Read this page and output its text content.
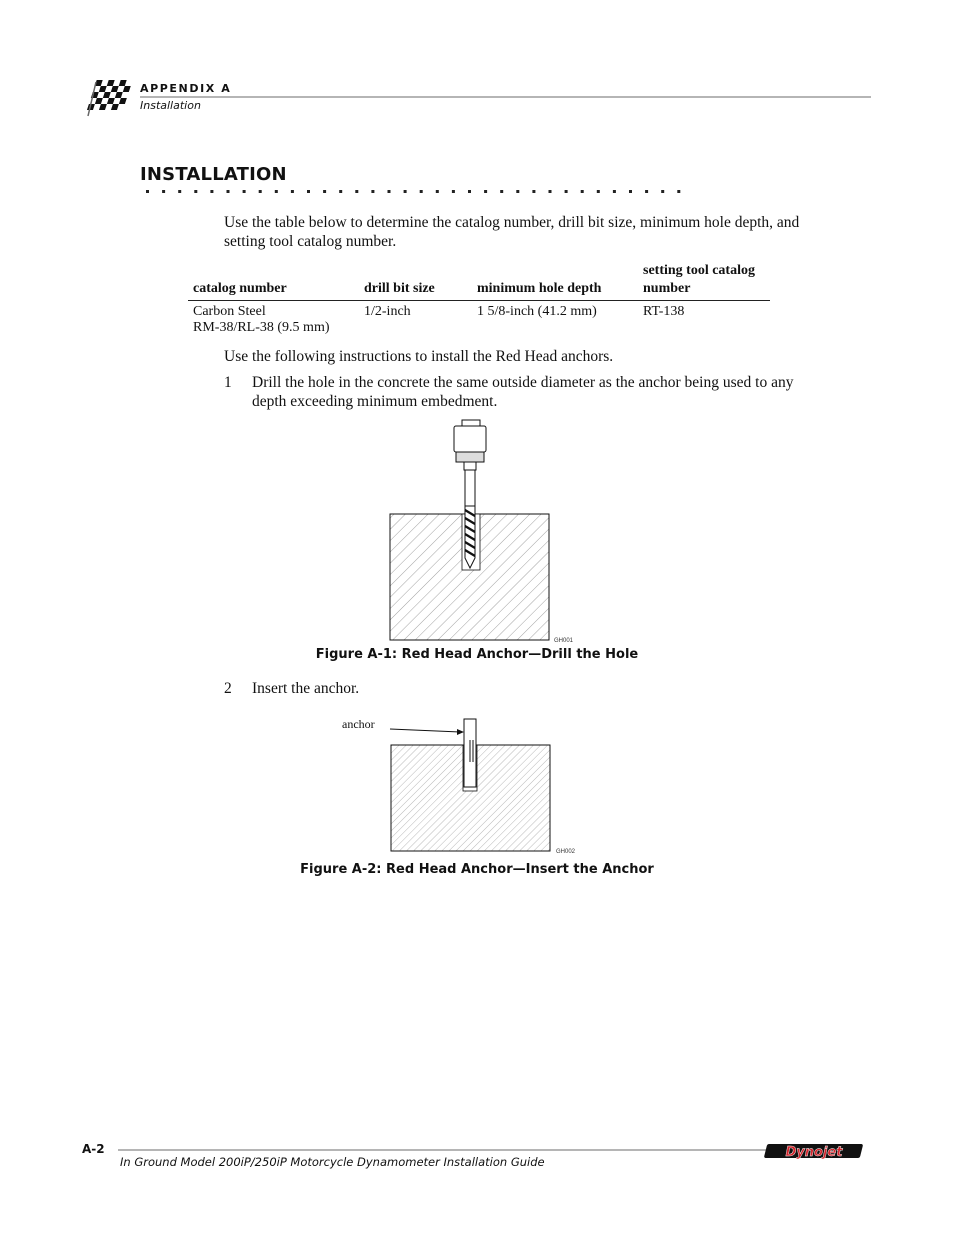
APPENDIX A
Installation
INSTALLATION
Use the table below to determine the catalog number, drill bit size, minimum hole depth, and setting tool catalog number.
catalog number	drill bit size	minimum hole depth	setting tool catalog number

Carbon Steel
RM-38/RL-38 (9.5 mm)	1/2-inch	1 5/8-inch (41.2 mm)	RT-138
Use the following instructions to install the Red Head anchors.
1 Drill the hole in the concrete the same outside diameter as the anchor being used to any depth exceeding minimum embedment.
GH001
Figure A-1: Red Head Anchor—Drill the Hole
2 Insert the anchor.
anchor
GH002
Figure A-2: Red Head Anchor—Insert the Anchor
A-2
In Ground Model 200iP/250iP Motorcycle Dynamometer Installation Guide
Dynojet
